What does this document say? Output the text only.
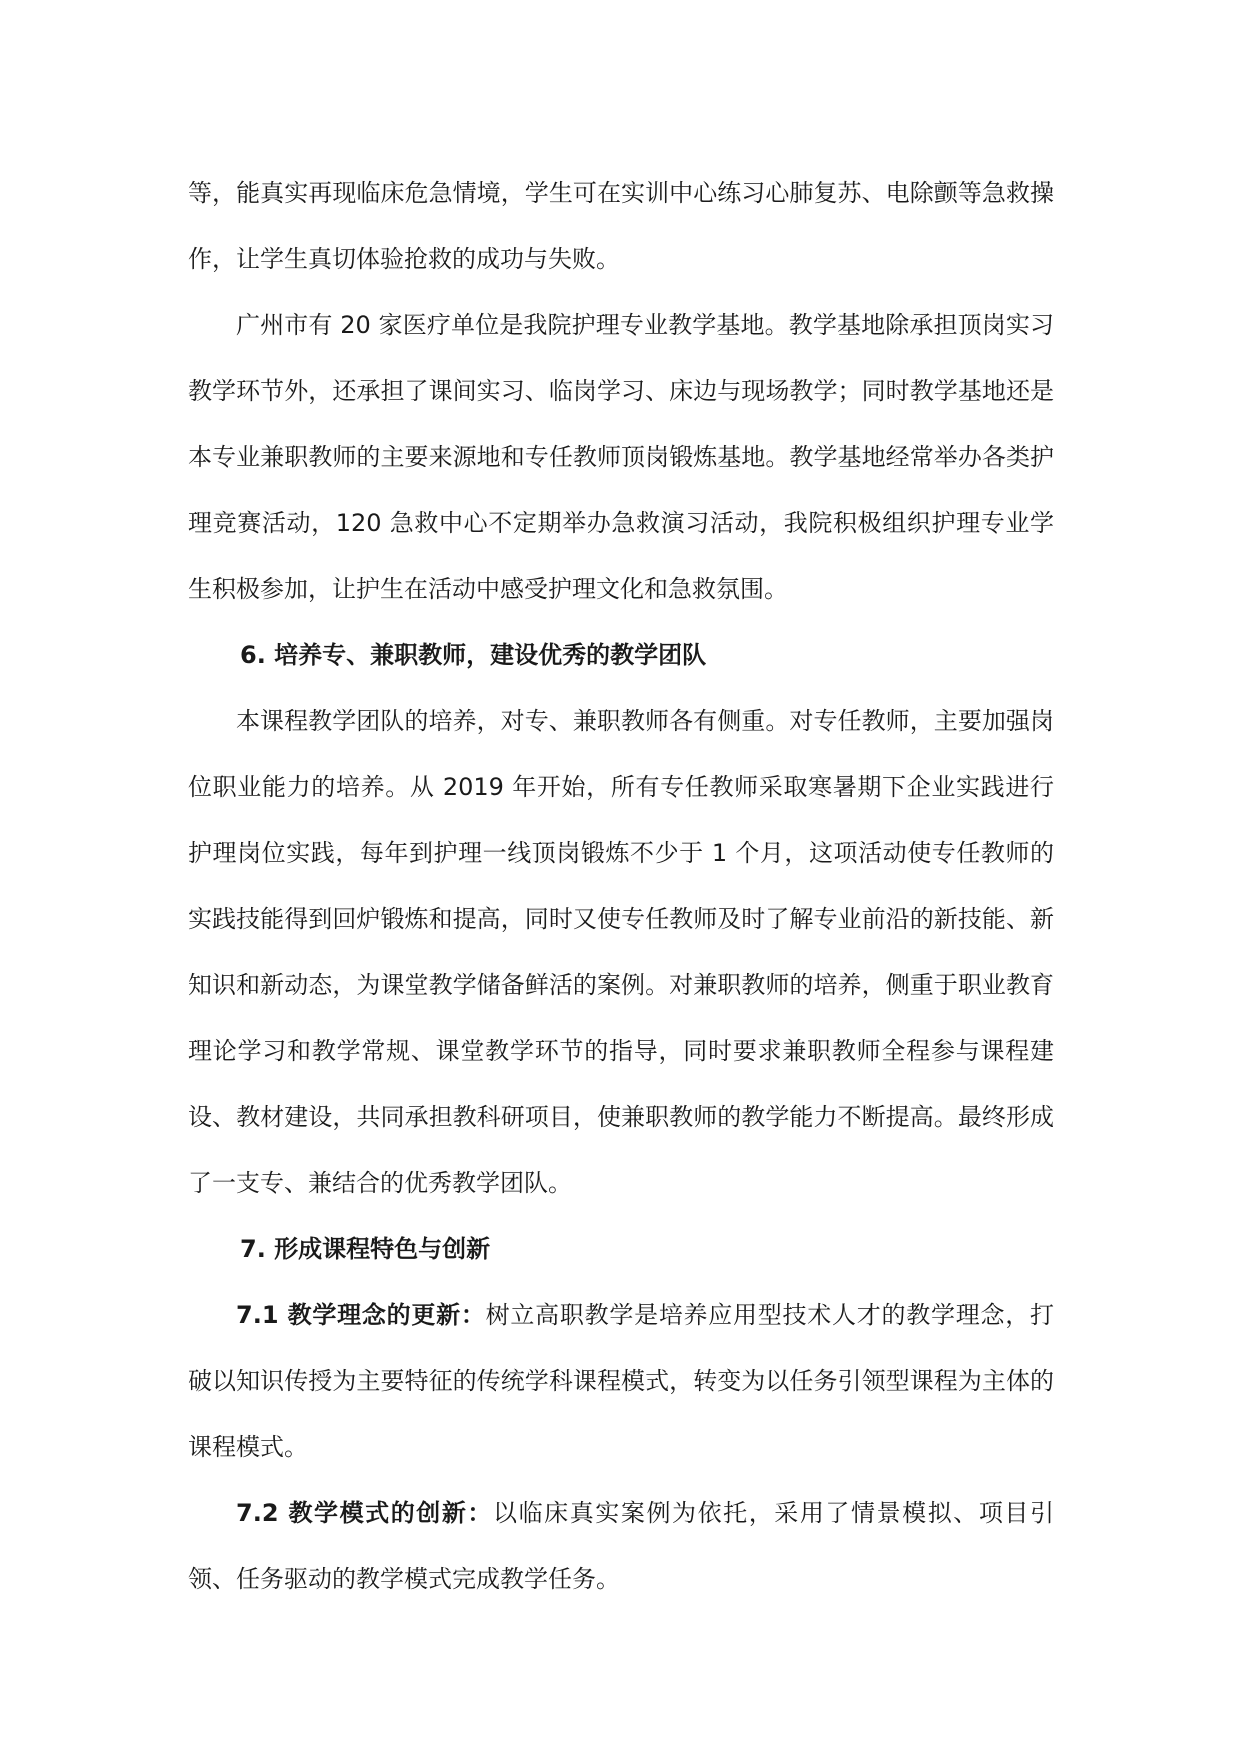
等，能真实再现临床危急情境，学生可在实训中心练习心肺复苏、电除颤等急救操作，让学生真切体验抢救的成功与失败。

广州市有 20 家医疗单位是我院护理专业教学基地。教学基地除承担顶岗实习教学环节外，还承担了课间实习、临岗学习、床边与现场教学；同时教学基地还是本专业兼职教师的主要来源地和专任教师顶岗锻炼基地。教学基地经常举办各类护理竞赛活动，120 急救中心不定期举办急救演习活动，我院积极组织护理专业学生积极参加，让护生在活动中感受护理文化和急救氛围。

6. 培养专、兼职教师，建设优秀的教学团队

本课程教学团队的培养，对专、兼职教师各有侧重。对专任教师，主要加强岗位职业能力的培养。从 2019 年开始，所有专任教师采取寒暑期下企业实践进行护理岗位实践，每年到护理一线顶岗锻炼不少于 1 个月，这项活动使专任教师的实践技能得到回炉锻炼和提高，同时又使专任教师及时了解专业前沿的新技能、新知识和新动态，为课堂教学储备鲜活的案例。对兼职教师的培养，侧重于职业教育理论学习和教学常规、课堂教学环节的指导，同时要求兼职教师全程参与课程建设、教材建设，共同承担教科研项目，使兼职教师的教学能力不断提高。最终形成了一支专、兼结合的优秀教学团队。

7. 形成课程特色与创新

7.1 教学理念的更新：树立高职教学是培养应用型技术人才的教学理念，打破以知识传授为主要特征的传统学科课程模式，转变为以任务引领型课程为主体的课程模式。

7.2 教学模式的创新：以临床真实案例为依托，采用了情景模拟、项目引领、任务驱动的教学模式完成教学任务。
